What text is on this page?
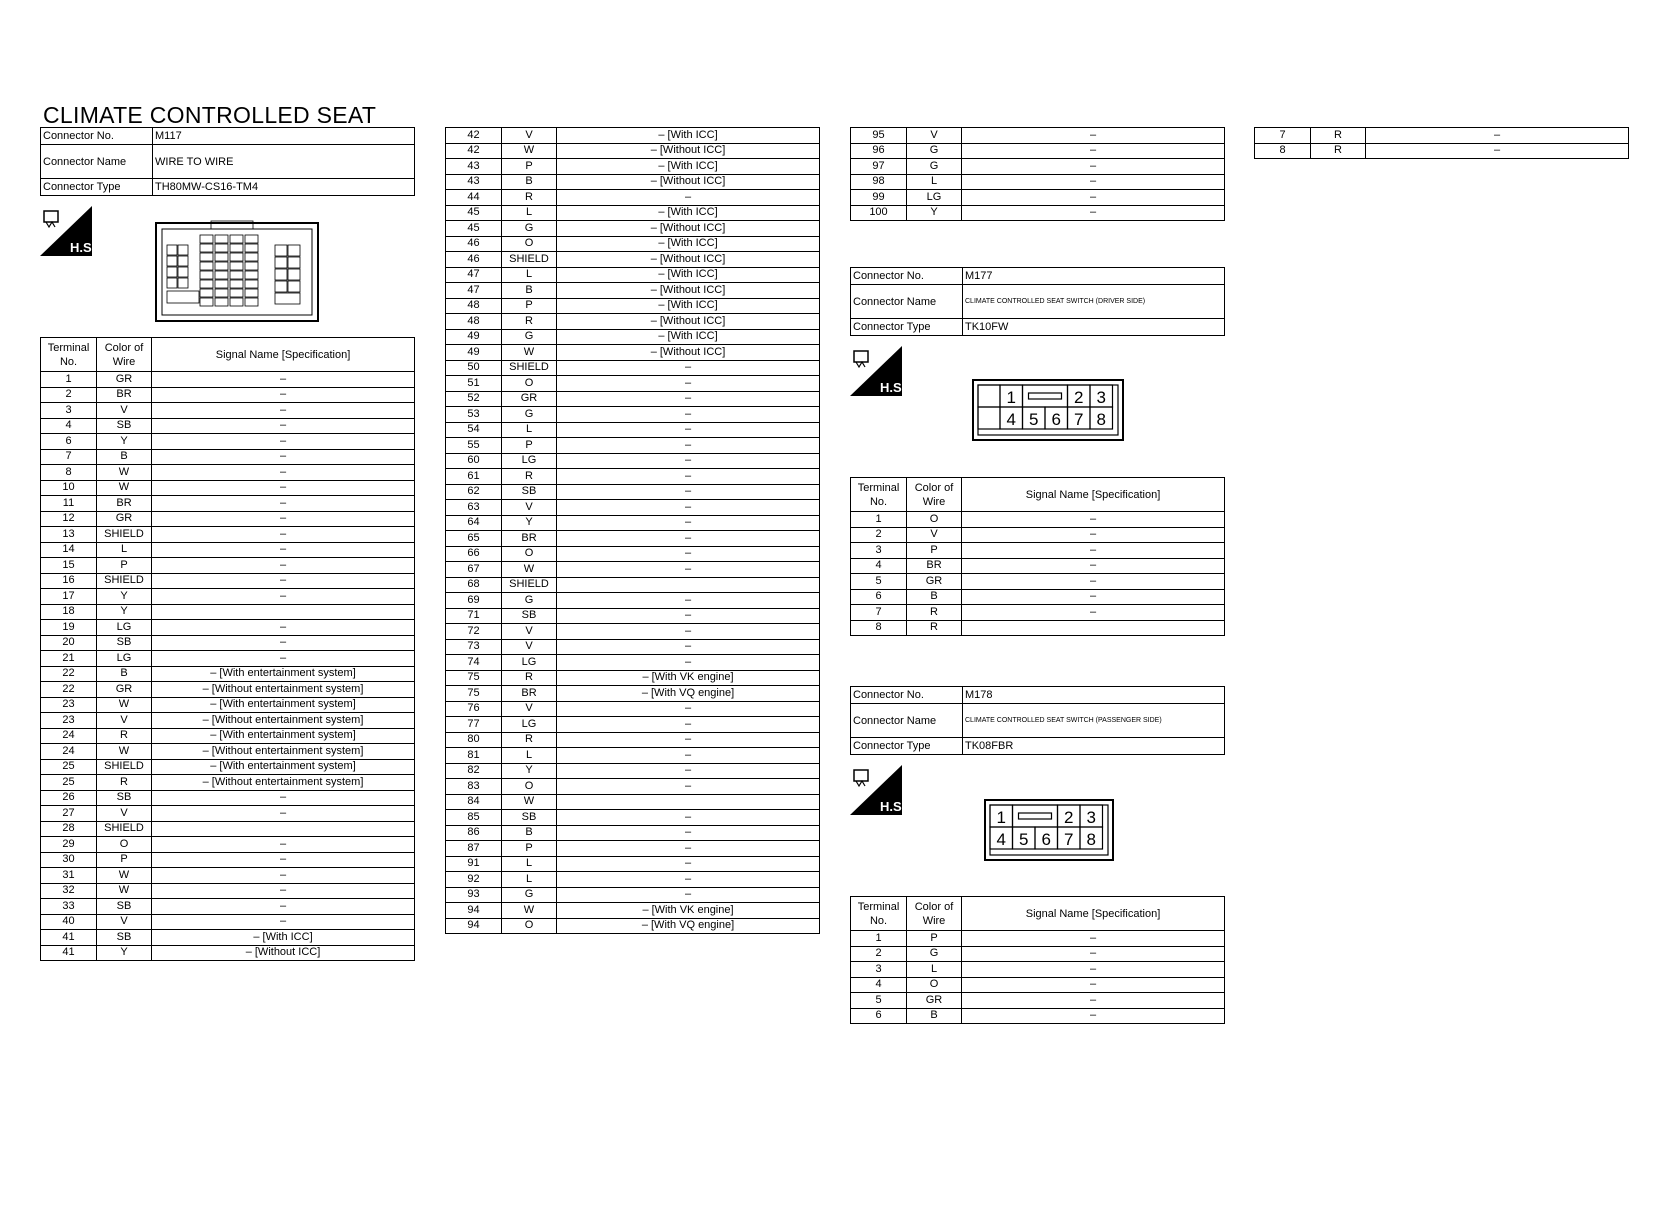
CLIMATE CONTROLLED SEAT
Connector No.	M117
Connector Name	WIRE TO WIRE
Connector Type	TH80MW-CS16-TM4
H.S.
Terminal No.	Color of Wire	Signal Name [Specification]
1	GR	–
2	BR	–
3	V	–
4	SB	–
6	Y	–
7	B	–
8	W	–
10	W	–
11	BR	–
12	GR	–
13	SHIELD	–
14	L	–
15	P	–
16	SHIELD	–
17	Y	–
18	Y	
19	LG	–
20	SB	–
21	LG	–
22	B	– [With entertainment system]
22	GR	– [Without entertainment system]
23	W	– [With entertainment system]
23	V	– [Without entertainment system]
24	R	– [With entertainment system]
24	W	– [Without entertainment system]
25	SHIELD	– [With entertainment system]
25	R	– [Without entertainment system]
26	SB	–
27	V	–
28	SHIELD	
29	O	–
30	P	–
31	W	–
32	W	–
33	SB	–
40	V	–
41	SB	– [With ICC]
41	Y	– [Without ICC]
42	V	– [With ICC]
42	W	– [Without ICC]
43	P	– [With ICC]
43	B	– [Without ICC]
44	R	–
45	L	– [With ICC]
45	G	– [Without ICC]
46	O	– [With ICC]
46	SHIELD	– [Without ICC]
47	L	– [With ICC]
47	B	– [Without ICC]
48	P	– [With ICC]
48	R	– [Without ICC]
49	G	– [With ICC]
49	W	– [Without ICC]
50	SHIELD	–
51	O	–
52	GR	–
53	G	–
54	L	–
55	P	–
60	LG	–
61	R	–
62	SB	–
63	V	–
64	Y	–
65	BR	–
66	O	–
67	W	–
68	SHIELD	
69	G	–
71	SB	–
72	V	–
73	V	–
74	LG	–
75	R	– [With VK engine]
75	BR	– [With VQ engine]
76	V	–
77	LG	–
80	R	–
81	L	–
82	Y	–
83	O	–
84	W	
85	SB	–
86	B	–
87	P	–
91	L	–
92	L	–
93	G	–
94	W	– [With VK engine]
94	O	– [With VQ engine]
95	V	–
96	G	–
97	G	–
98	L	–
99	LG	–
100	Y	–
Connector No.	M177
Connector Name	CLIMATE CONTROLLED SEAT SWITCH (DRIVER SIDE)
Connector Type	TK10FW
H.S.
1	2 3
4 5 6 7 8
Terminal No.	Color of Wire	Signal Name [Specification]
1	O	–
2	V	–
3	P	–
4	BR	–
5	GR	–
6	B	–
7	R	–
8	R	
Connector No.	M178
Connector Name	CLIMATE CONTROLLED SEAT SWITCH (PASSENGER SIDE)
Connector Type	TK08FBR
H.S.
1	2 3
4 5 6 7 8
Terminal No.	Color of Wire	Signal Name [Specification]
1	P	–
2	G	–
3	L	–
4	O	–
5	GR	–
6	B	–
7	R	–
8	R	–
